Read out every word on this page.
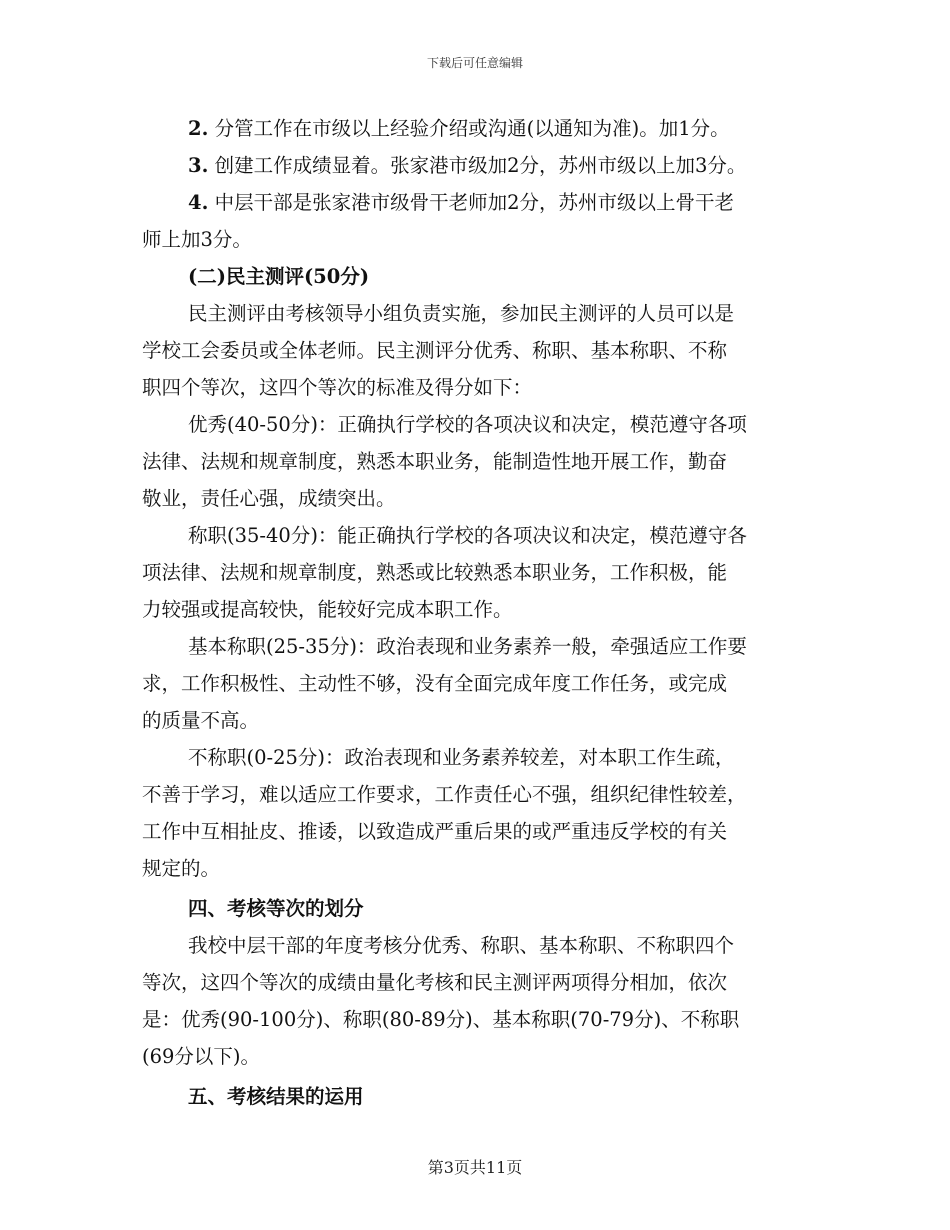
下载后可任意编辑
2. 分管工作在市级以上经验介绍或沟通(以通知为准)。加1分。
3. 创建工作成绩显着。张家港市级加2分，苏州市级以上加3分。
4. 中层干部是张家港市级骨干老师加2分，苏州市级以上骨干老
师上加3分。
(二)民主测评(50分)
民主测评由考核领导小组负责实施，参加民主测评的人员可以是
学校工会委员或全体老师。民主测评分优秀、称职、基本称职、不称
职四个等次，这四个等次的标准及得分如下：
优秀(40-50分)：正确执行学校的各项决议和决定，模范遵守各项
法律、法规和规章制度，熟悉本职业务，能制造性地开展工作，勤奋
敬业，责任心强，成绩突出。
称职(35-40分)：能正确执行学校的各项决议和决定，模范遵守各
项法律、法规和规章制度，熟悉或比较熟悉本职业务，工作积极，能
力较强或提高较快，能较好完成本职工作。
基本称职(25-35分)：政治表现和业务素养一般，牵强适应工作要
求，工作积极性、主动性不够，没有全面完成年度工作任务，或完成
的质量不高。
不称职(0-25分)：政治表现和业务素养较差，对本职工作生疏，
不善于学习，难以适应工作要求，工作责任心不强，组织纪律性较差，
工作中互相扯皮、推诿，以致造成严重后果的或严重违反学校的有关
规定的。
四、考核等次的划分
我校中层干部的年度考核分优秀、称职、基本称职、不称职四个
等次，这四个等次的成绩由量化考核和民主测评两项得分相加，依次
是：优秀(90-100分)、称职(80-89分)、基本称职(70-79分)、不称职
(69分以下)。
五、考核结果的运用
第3页共11页
